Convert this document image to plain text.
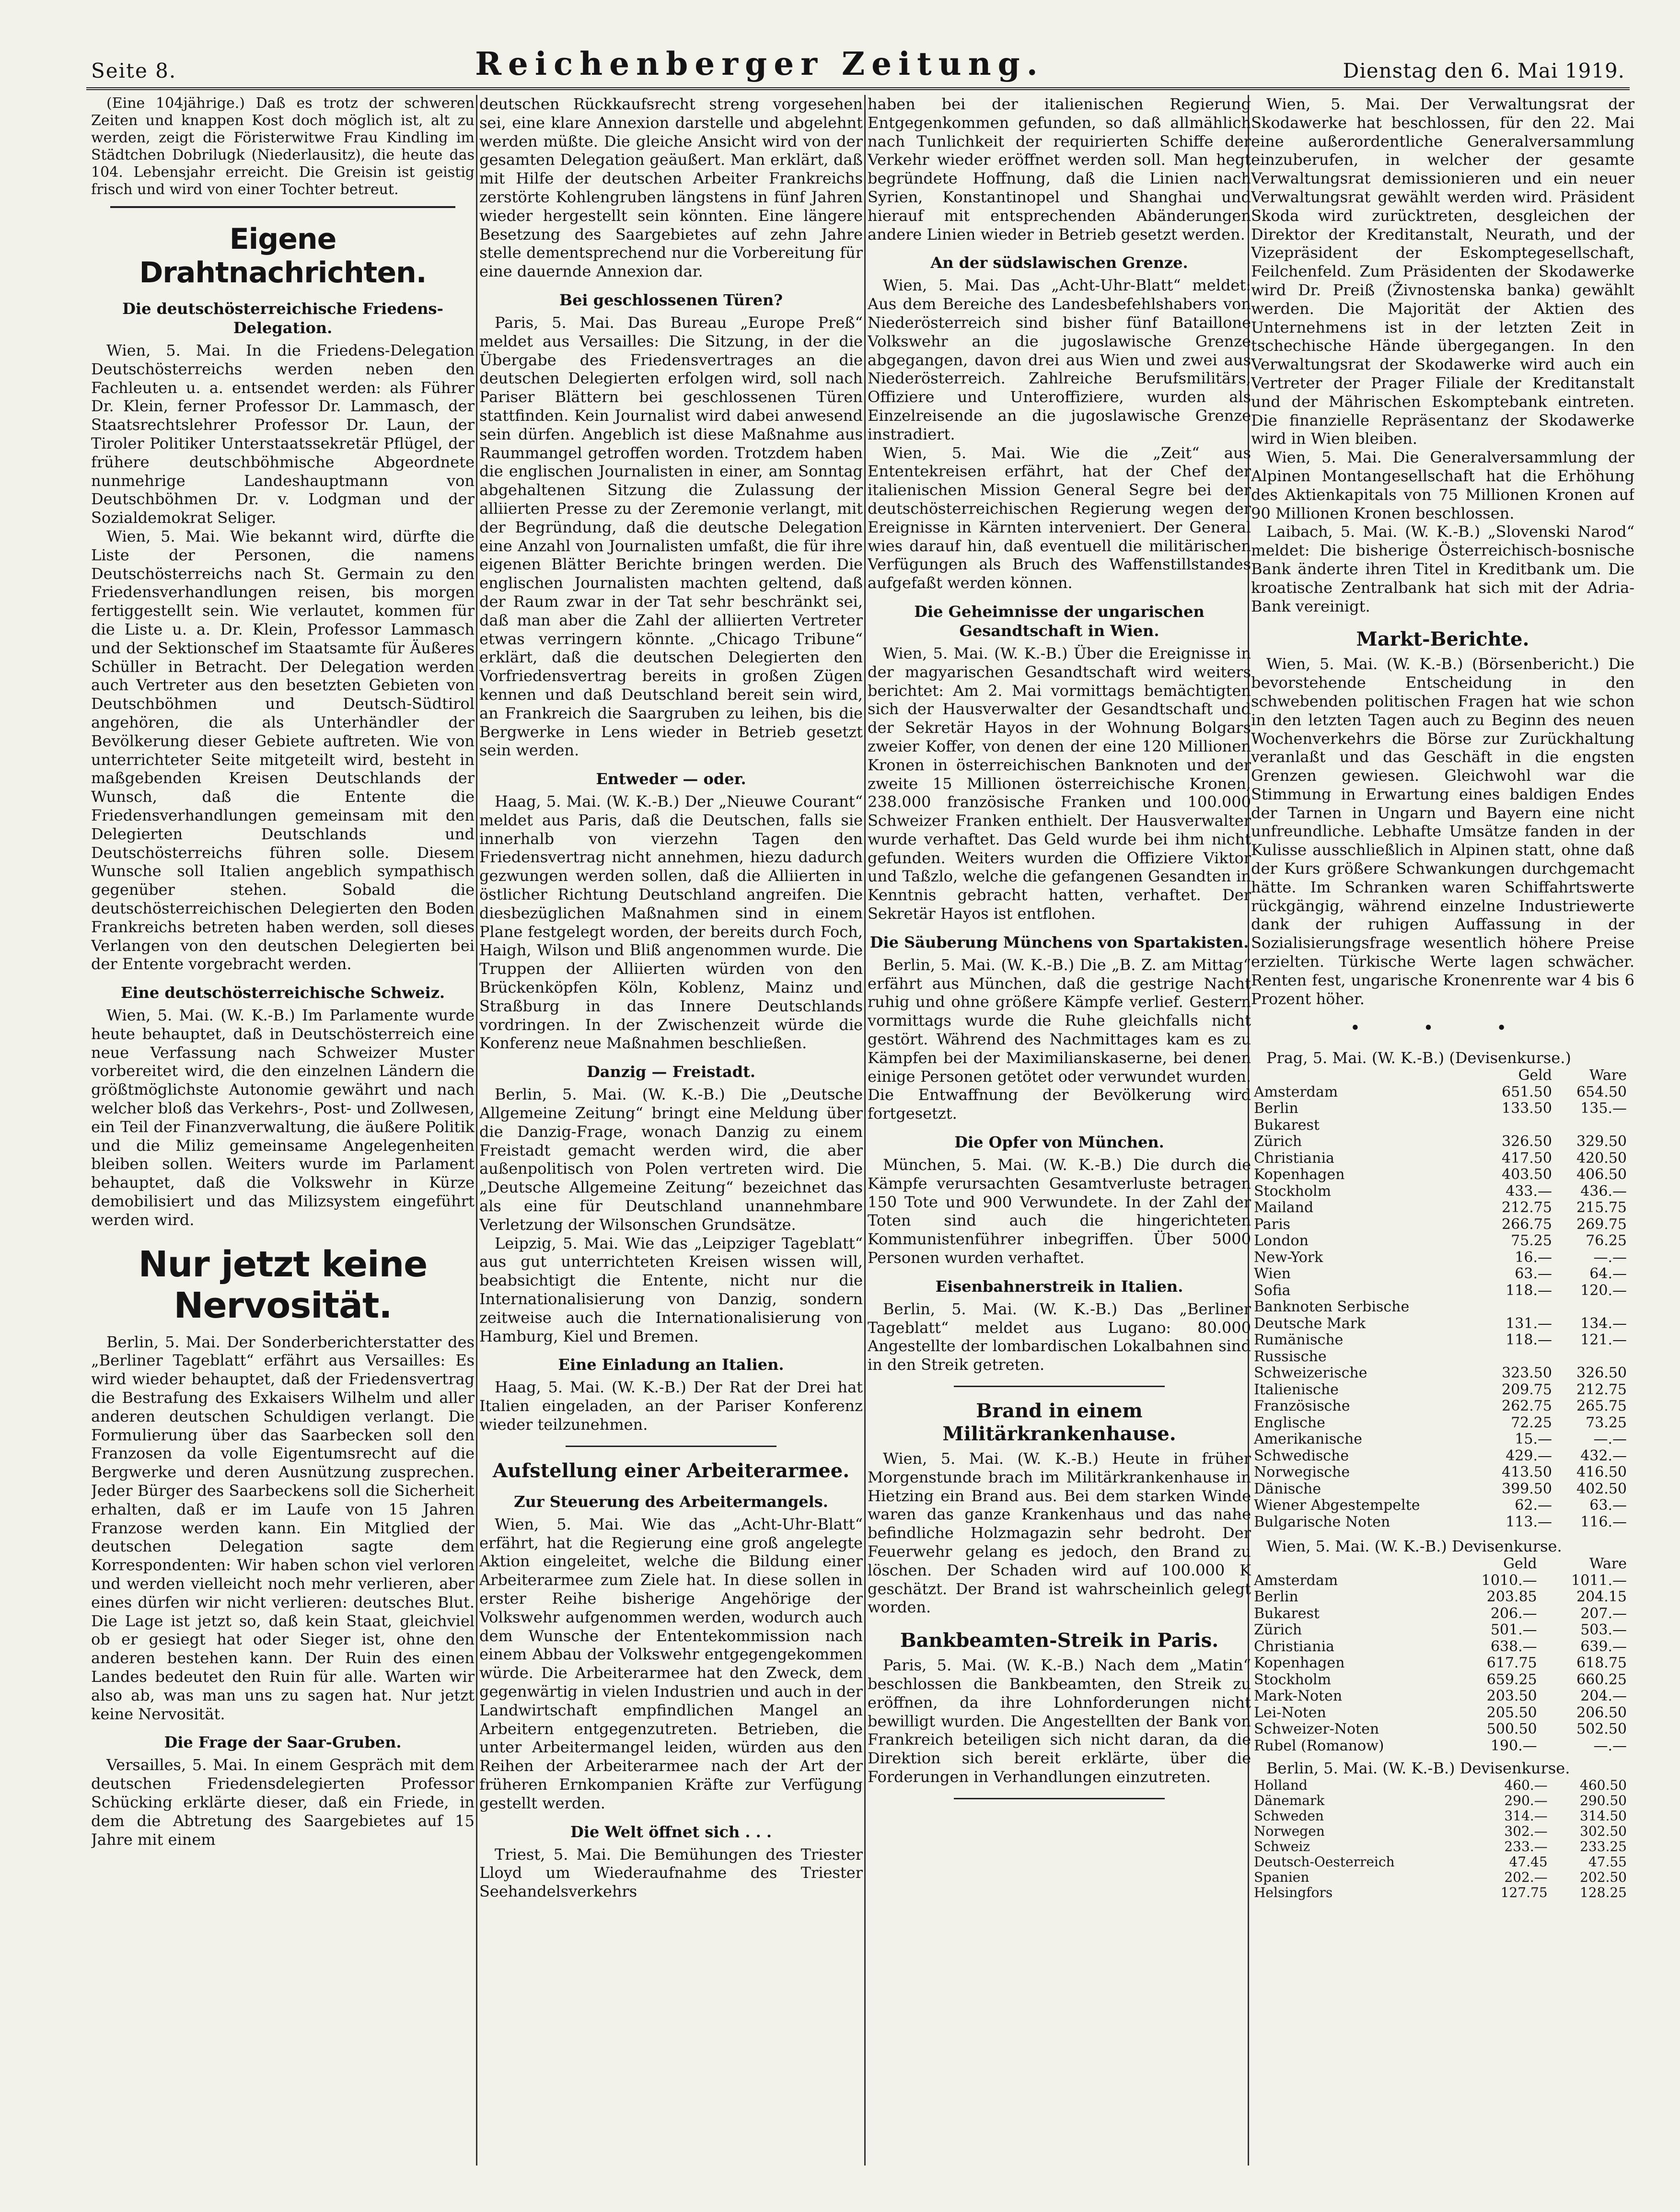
Seite 8.	Reichenberger Zeitung.	Dienstag den 6. Mai 1919.

(Eine 104jährige.) Daß es trotz der schweren Zeiten und knappen Kost doch möglich ist, alt zu werden, zeigt die Föristerwitwe Frau Kindling im Städtchen Dobrilugk (Niederlausitz), die heute das 104. Lebensjahr erreicht. Die Greisin ist geistig frisch und wird von einer Tochter betreut.

Eigene Drahtnachrichten.
Die deutschösterreichische Friedens-Delegation.

Wien, 5. Mai. In die Friedens-Delegation Deutschösterreichs werden neben den Fachleuten u. a. entsendet werden: als Führer Dr. Klein, ferner Professor Dr. Lammasch, der Staatsrechtslehrer Professor Dr. Laun, der Tiroler Politiker Unterstaatssekretär Pflügel, der frühere deutschböhmische Abgeordnete nunmehrige Landeshauptmann von Deutschböhmen Dr. v. Lodgman und der Sozialdemokrat Seliger.

Wien, 5. Mai. Wie bekannt wird, dürfte die Liste der Personen, die namens Deutschösterreichs nach St. Germain zu den Friedensverhandlungen reisen, bis morgen fertiggestellt sein. Wie verlautet, kommen für die Liste u. a. Dr. Klein, Professor Lammasch und der Sektionschef im Staatsamte für Äußeres Schüller in Betracht. Der Delegation werden auch Vertreter aus den besetzten Gebieten von Deutschböhmen und Deutsch-Südtirol angehören, die als Unterhändler der Bevölkerung dieser Gebiete auftreten. Wie von unterrichteter Seite mitgeteilt wird, besteht in maßgebenden Kreisen Deutschlands der Wunsch, daß die Entente die Friedensverhandlungen gemeinsam mit den Delegierten Deutschlands und Deutschösterreichs führen solle. Diesem Wunsche soll Italien angeblich sympathisch gegenüber stehen. Sobald die deutschösterreichischen Delegierten den Boden Frankreichs betreten haben werden, soll dieses Verlangen von den deutschen Delegierten bei der Entente vorgebracht werden.

Eine deutschösterreichische Schweiz.

Wien, 5. Mai. (W. K.-B.) Im Parlamente wurde heute behauptet, daß in Deutschösterreich eine neue Verfassung nach Schweizer Muster vorbereitet wird, die den einzelnen Ländern die größtmöglichste Autonomie gewährt und nach welcher bloß das Verkehrs-, Post- und Zollwesen, ein Teil der Finanzverwaltung, die äußere Politik und die Miliz gemeinsame Angelegenheiten bleiben sollen. Weiters wurde im Parlament behauptet, daß die Volkswehr in Kürze demobilisiert und das Milizsystem eingeführt werden wird.

Nur jetzt keine Nervosität.

Berlin, 5. Mai. Der Sonderberichterstatter des „Berliner Tageblatt“ erfährt aus Versailles: Es wird wieder behauptet, daß der Friedensvertrag die Bestrafung des Exkaisers Wilhelm und aller anderen deutschen Schuldigen verlangt. Die Formulierung über das Saarbecken soll den Franzosen da volle Eigentumsrecht auf die Bergwerke und deren Ausnützung zusprechen. Jeder Bürger des Saarbeckens soll die Sicherheit erhalten, daß er im Laufe von 15 Jahren Franzose werden kann. Ein Mitglied der deutschen Delegation sagte dem Korrespondenten: Wir haben schon viel verloren und werden vielleicht noch mehr verlieren, aber eines dürfen wir nicht verlieren: deutsches Blut. Die Lage ist jetzt so, daß kein Staat, gleichviel ob er gesiegt hat oder Sieger ist, ohne den anderen bestehen kann. Der Ruin des einen Landes bedeutet den Ruin für alle. Warten wir also ab, was man uns zu sagen hat. Nur jetzt keine Nervosität.

Die Frage der Saar-Gruben.

Versailles, 5. Mai. In einem Gespräch mit dem deutschen Friedensdelegierten Professor Schücking erklärte dieser, daß ein Friede, in dem die Abtretung des Saargebietes auf 15 Jahre mit einem

deutschen Rückkaufsrecht streng vorgesehen sei, eine klare Annexion darstelle und abgelehnt werden müßte. Die gleiche Ansicht wird von der gesamten Delegation geäußert. Man erklärt, daß mit Hilfe der deutschen Arbeiter Frankreichs zerstörte Kohlengruben längstens in fünf Jahren wieder hergestellt sein könnten. Eine längere Besetzung des Saargebietes auf zehn Jahre stelle dementsprechend nur die Vorbereitung für eine dauernde Annexion dar.

Bei geschlossenen Türen?

Paris, 5. Mai. Das Bureau „Europe Preß“ meldet aus Versailles: Die Sitzung, in der die Übergabe des Friedensvertrages an die deutschen Delegierten erfolgen wird, soll nach Pariser Blättern bei geschlossenen Türen stattfinden. Kein Journalist wird dabei anwesend sein dürfen. Angeblich ist diese Maßnahme aus Raummangel getroffen worden. Trotzdem haben die englischen Journalisten in einer, am Sonntag abgehaltenen Sitzung die Zulassung der alliierten Presse zu der Zeremonie verlangt, mit der Begründung, daß die deutsche Delegation eine Anzahl von Journalisten umfaßt, die für ihre eigenen Blätter Berichte bringen werden. Die englischen Journalisten machten geltend, daß der Raum zwar in der Tat sehr beschränkt sei, daß man aber die Zahl der alliierten Vertreter etwas verringern könnte. „Chicago Tribune“ erklärt, daß die deutschen Delegierten den Vorfriedensvertrag bereits in großen Zügen kennen und daß Deutschland bereit sein wird, an Frankreich die Saargruben zu leihen, bis die Bergwerke in Lens wieder in Betrieb gesetzt sein werden.

Entweder — oder.

Haag, 5. Mai. (W. K.-B.) Der „Nieuwe Courant“ meldet aus Paris, daß die Deutschen, falls sie innerhalb von vierzehn Tagen den Friedensvertrag nicht annehmen, hiezu dadurch gezwungen werden sollen, daß die Alliierten in östlicher Richtung Deutschland angreifen. Die diesbezüglichen Maßnahmen sind in einem Plane festgelegt worden, der bereits durch Foch, Haigh, Wilson und Bliß angenommen wurde. Die Truppen der Alliierten würden von den Brückenköpfen Köln, Koblenz, Mainz und Straßburg in das Innere Deutschlands vordringen. In der Zwischenzeit würde die Konferenz neue Maßnahmen beschließen.

Danzig — Freistadt.

Berlin, 5. Mai. (W. K.-B.) Die „Deutsche Allgemeine Zeitung“ bringt eine Meldung über die Danzig-Frage, wonach Danzig zu einem Freistadt gemacht werden wird, die aber außenpolitisch von Polen vertreten wird. Die „Deutsche Allgemeine Zeitung“ bezeichnet das als eine für Deutschland unannehmbare Verletzung der Wilsonschen Grundsätze.

Leipzig, 5. Mai. Wie das „Leipziger Tageblatt“ aus gut unterrichteten Kreisen wissen will, beabsichtigt die Entente, nicht nur die Internationalisierung von Danzig, sondern zeitweise auch die Internationalisierung von Hamburg, Kiel und Bremen.

Eine Einladung an Italien.

Haag, 5. Mai. (W. K.-B.) Der Rat der Drei hat Italien eingeladen, an der Pariser Konferenz wieder teilzunehmen.

Aufstellung einer Arbeiterarmee.
Zur Steuerung des Arbeitermangels.

Wien, 5. Mai. Wie das „Acht-Uhr-Blatt“ erfährt, hat die Regierung eine groß angelegte Aktion eingeleitet, welche die Bildung einer Arbeiterarmee zum Ziele hat. In diese sollen in erster Reihe bisherige Angehörige der Volkswehr aufgenommen werden, wodurch auch dem Wunsche der Ententekommission nach einem Abbau der Volkswehr entgegengekommen würde. Die Arbeiterarmee hat den Zweck, dem gegenwärtig in vielen Industrien und auch in der Landwirtschaft empfindlichen Mangel an Arbeitern entgegenzutreten. Betrieben, die unter Arbeitermangel leiden, würden aus den Reihen der Arbeiterarmee nach der Art der früheren Ernkompanien Kräfte zur Verfügung gestellt werden.

Die Welt öffnet sich . . .

Triest, 5. Mai. Die Bemühungen des Triester Lloyd um Wiederaufnahme des Triester Seehandelsverkehrs

haben bei der italienischen Regierung Entgegenkommen gefunden, so daß allmählich nach Tunlichkeit der requirierten Schiffe der Verkehr wieder eröffnet werden soll. Man hegt begründete Hoffnung, daß die Linien nach Syrien, Konstantinopel und Shanghai und hierauf mit entsprechenden Abänderungen andere Linien wieder in Betrieb gesetzt werden.

An der südslawischen Grenze.

Wien, 5. Mai. Das „Acht-Uhr-Blatt“ meldet: Aus dem Bereiche des Landesbefehlshabers von Niederösterreich sind bisher fünf Bataillone Volkswehr an die jugoslawische Grenze abgegangen, davon drei aus Wien und zwei aus Niederösterreich. Zahlreiche Berufsmilitärs, Offiziere und Unteroffiziere, wurden als Einzelreisende an die jugoslawische Grenze instradiert.

Wien, 5. Mai. Wie die „Zeit“ aus Ententekreisen erfährt, hat der Chef der italienischen Mission General Segre bei der deutschösterreichischen Regierung wegen der Ereignisse in Kärnten interveniert. Der General wies darauf hin, daß eventuell die militärischen Verfügungen als Bruch des Waffenstillstandes aufgefaßt werden können.

Die Geheimnisse der ungarischen Gesandtschaft in Wien.

Wien, 5. Mai. (W. K.-B.) Über die Ereignisse in der magyarischen Gesandtschaft wird weiters berichtet: Am 2. Mai vormittags bemächtigten sich der Hausverwalter der Gesandtschaft und der Sekretär Hayos in der Wohnung Bolgars zweier Koffer, von denen der eine 120 Millionen Kronen in österreichischen Banknoten und der zweite 15 Millionen österreichische Kronen, 238.000 französische Franken und 100.000 Schweizer Franken enthielt. Der Hausverwalter wurde verhaftet. Das Geld wurde bei ihm nicht gefunden. Weiters wurden die Offiziere Viktor und Taßzlo, welche die gefangenen Gesandten in Kenntnis gebracht hatten, verhaftet. Der Sekretär Hayos ist entflohen.

Die Säuberung Münchens von Spartakisten.

Berlin, 5. Mai. (W. K.-B.) Die „B. Z. am Mittag“ erfährt aus München, daß die gestrige Nacht ruhig und ohne größere Kämpfe verlief. Gestern vormittags wurde die Ruhe gleichfalls nicht gestört. Während des Nachmittages kam es zu Kämpfen bei der Maximilianskaserne, bei denen einige Personen getötet oder verwundet wurden. Die Entwaffnung der Bevölkerung wird fortgesetzt.

Die Opfer von München.

München, 5. Mai. (W. K.-B.) Die durch die Kämpfe verursachten Gesamtverluste betragen 150 Tote und 900 Verwundete. In der Zahl der Toten sind auch die hingerichteten Kommunistenführer inbegriffen. Über 5000 Personen wurden verhaftet.

Eisenbahnerstreik in Italien.

Berlin, 5. Mai. (W. K.-B.) Das „Berliner Tageblatt“ meldet aus Lugano: 80.000 Angestellte der lombardischen Lokalbahnen sind in den Streik getreten.

Brand in einem Militärkrankenhause.

Wien, 5. Mai. (W. K.-B.) Heute in früher Morgenstunde brach im Militärkrankenhause in Hietzing ein Brand aus. Bei dem starken Winde waren das ganze Krankenhaus und das nahe befindliche Holzmagazin sehr bedroht. Der Feuerwehr gelang es jedoch, den Brand zu löschen. Der Schaden wird auf 100.000 K geschätzt. Der Brand ist wahrscheinlich gelegt worden.

Bankbeamten-Streik in Paris.

Paris, 5. Mai. (W. K.-B.) Nach dem „Matin“ beschlossen die Bankbeamten, den Streik zu eröffnen, da ihre Lohnforderungen nicht bewilligt wurden. Die Angestellten der Bank von Frankreich beteiligen sich nicht daran, da die Direktion sich bereit erklärte, über die Forderungen in Verhandlungen einzutreten.

Wien, 5. Mai. Der Verwaltungsrat der Skodawerke hat beschlossen, für den 22. Mai eine außerordentliche Generalversammlung einzuberufen, in welcher der gesamte Verwaltungsrat demissionieren und ein neuer Verwaltungsrat gewählt werden wird. Präsident Skoda wird zurücktreten, desgleichen der Direktor der Kreditanstalt, Neurath, und der Vizepräsident der Eskomptegesellschaft, Feilchenfeld. Zum Präsidenten der Skodawerke wird Dr. Preiß (Živnostenska banka) gewählt werden. Die Majorität der Aktien des Unternehmens ist in der letzten Zeit in tschechische Hände übergegangen. In den Verwaltungsrat der Skodawerke wird auch ein Vertreter der Prager Filiale der Kreditanstalt und der Mährischen Eskomptebank eintreten. Die finanzielle Repräsentanz der Skodawerke wird in Wien bleiben.

Wien, 5. Mai. Die Generalversammlung der Alpinen Montangesellschaft hat die Erhöhung des Aktienkapitals von 75 Millionen Kronen auf 90 Millionen Kronen beschlossen.

Laibach, 5. Mai. (W. K.-B.) „Slovenski Narod“ meldet: Die bisherige Österreichisch-bosnische Bank änderte ihren Titel in Kreditbank um. Die kroatische Zentralbank hat sich mit der Adria-Bank vereinigt.

Markt-Berichte.

Wien, 5. Mai. (W. K.-B.) (Börsenbericht.) Die bevorstehende Entscheidung in den schwebenden politischen Fragen hat wie schon in den letzten Tagen auch zu Beginn des neuen Wochenverkehrs die Börse zur Zurückhaltung veranlaßt und das Geschäft in die engsten Grenzen gewiesen. Gleichwohl war die Stimmung in Erwartung eines baldigen Endes der Tarnen in Ungarn und Bayern eine nicht unfreundliche. Lebhafte Umsätze fanden in der Kulisse ausschließlich in Alpinen statt, ohne daß der Kurs größere Schwankungen durchgemacht hätte. Im Schranken waren Schiffahrtswerte rückgängig, während einzelne Industriewerte dank der ruhigen Auffassung in der Sozialisierungsfrage wesentlich höhere Preise erzielten. Türkische Werte lagen schwächer. Renten fest, ungarische Kronenrente war 4 bis 6 Prozent höher.

• • •

Prag, 5. Mai. (W. K.-B.) (Devisenkurse.)

	Geld	Ware
Amsterdam	651.50	654.50
Berlin	133.50	135.—
Bukarest		
Zürich	326.50	329.50
Christiania	417.50	420.50
Kopenhagen	403.50	406.50
Stockholm	433.—	436.—
Mailand	212.75	215.75
Paris	266.75	269.75
London	75.25	76.25
New-York	16.—	—.—
Wien	63.—	64.—
Sofia	118.—	120.—
Banknoten Serbische		
Deutsche Mark	131.—	134.—
Rumänische	118.—	121.—
Russische		
Schweizerische	323.50	326.50
Italienische	209.75	212.75
Französische	262.75	265.75
Englische	72.25	73.25
Amerikanische	15.—	—.—
Schwedische	429.—	432.—
Norwegische	413.50	416.50
Dänische	399.50	402.50
Wiener Abgestempelte	62.—	63.—
Bulgarische Noten	113.—	116.—

Wien, 5. Mai. (W. K.-B.) Devisenkurse.

	Geld	Ware
Amsterdam	1010.—	1011.—
Berlin	203.85	204.15
Bukarest	206.—	207.—
Zürich	501.—	503.—
Christiania	638.—	639.—
Kopenhagen	617.75	618.75
Stockholm	659.25	660.25
Mark-Noten	203.50	204.—
Lei-Noten	205.50	206.50
Schweizer-Noten	500.50	502.50
Rubel (Romanow)	190.—	—.—

Berlin, 5. Mai. (W. K.-B.) Devisenkurse.

Holland	460.—	460.50
Dänemark	290.—	290.50
Schweden	314.—	314.50
Norwegen	302.—	302.50
Schweiz	233.—	233.25
Deutsch-Oesterreich	47.45	47.55
Spanien	202.—	202.50
Helsingfors	127.75	128.25
